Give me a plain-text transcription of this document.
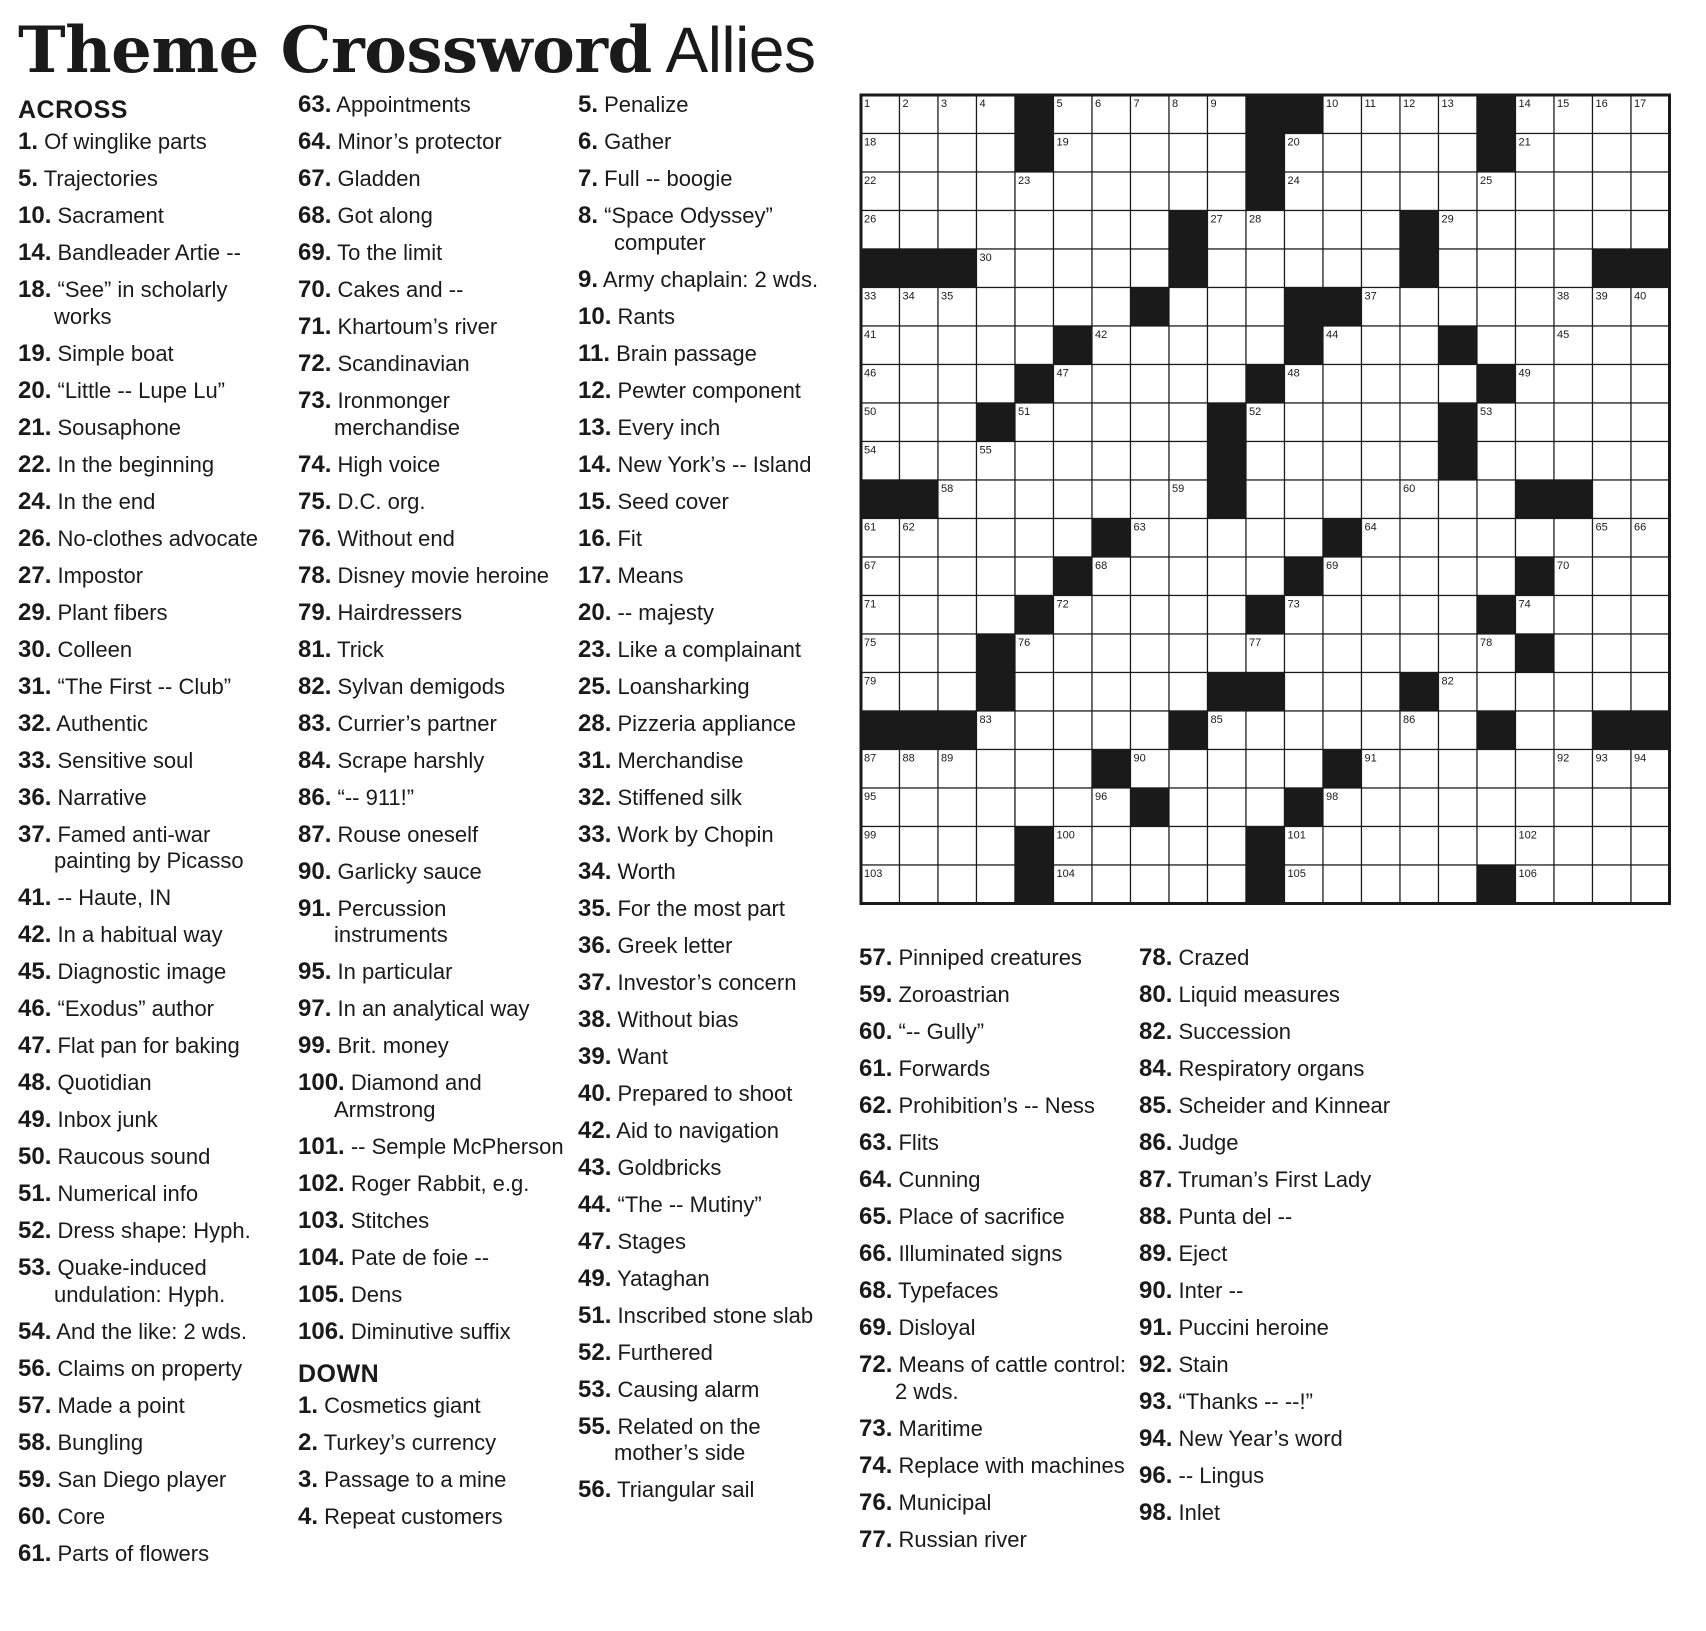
Theme Crossword Allies
ACROSS
1. Of winglike parts
5. Trajectories
10. Sacrament
14. Bandleader Artie --
18. “See” in scholarly works
19. Simple boat
20. “Little -- Lupe Lu”
21. Sousaphone
22. In the beginning
24. In the end
26. No-clothes advocate
27. Impostor
29. Plant fibers
30. Colleen
31. “The First -- Club”
32. Authentic
33. Sensitive soul
36. Narrative
37. Famed anti-war painting by Picasso
41. -- Haute, IN
42. In a habitual way
45. Diagnostic image
46. “Exodus” author
47. Flat pan for baking
48. Quotidian
49. Inbox junk
50. Raucous sound
51. Numerical info
52. Dress shape: Hyph.
53. Quake-induced undulation: Hyph.
54. And the like: 2 wds.
56. Claims on property
57. Made a point
58. Bungling
59. San Diego player
60. Core
61. Parts of flowers
63. Appointments
64. Minor’s protector
67. Gladden
68. Got along
69. To the limit
70. Cakes and --
71. Khartoum’s river
72. Scandinavian
73. Ironmonger merchandise
74. High voice
75. D.C. org.
76. Without end
78. Disney movie heroine
79. Hairdressers
81. Trick
82. Sylvan demigods
83. Currier’s partner
84. Scrape harshly
86. “-- 911!”
87. Rouse oneself
90. Garlicky sauce
91. Percussion instruments
95. In particular
97. In an analytical way
99. Brit. money
100. Diamond and Armstrong
101. -- Semple McPherson
102. Roger Rabbit, e.g.
103. Stitches
104. Pate de foie --
105. Dens
106. Diminutive suffix
DOWN
1. Cosmetics giant
2. Turkey’s currency
3. Passage to a mine
4. Repeat customers
5. Penalize
6. Gather
7. Full -- boogie
8. “Space Odyssey” computer
9. Army chaplain: 2 wds.
10. Rants
11. Brain passage
12. Pewter component
13. Every inch
14. New York’s -- Island
15. Seed cover
16. Fit
17. Means
20. -- majesty
23. Like a complainant
25. Loansharking
28. Pizzeria appliance
31. Merchandise
32. Stiffened silk
33. Work by Chopin
34. Worth
35. For the most part
36. Greek letter
37. Investor’s concern
38. Without bias
39. Want
40. Prepared to shoot
42. Aid to navigation
43. Goldbricks
44. “The -- Mutiny”
47. Stages
49. Yataghan
51. Inscribed stone slab
52. Furthered
53. Causing alarm
55. Related on the mother’s side
56. Triangular sail
57. Pinniped creatures
59. Zoroastrian
60. “-- Gully”
61. Forwards
62. Prohibition’s -- Ness
63. Flits
64. Cunning
65. Place of sacrifice
66. Illuminated signs
68. Typefaces
69. Disloyal
72. Means of cattle control: 2 wds.
73. Maritime
74. Replace with machines
76. Municipal
77. Russian river
78. Crazed
80. Liquid measures
82. Succession
84. Respiratory organs
85. Scheider and Kinnear
86. Judge
87. Truman’s First Lady
88. Punta del --
89. Eject
90. Inter --
91. Puccini heroine
92. Stain
93. “Thanks -- --!”
94. New Year’s word
96. -- Lingus
98. Inlet
1	2	3	4	5	6	7	8	9	10 11 12 13	14 15 16 17
18	19	20	21
22	23	24	25
26	27 28	29
30	31	32
33 34 35	36	37	38 39 40
41	42	43 44	45
46	47	48	49
50	51	52	53
54	55	56	57
58	59	60
61 62	63	64	65 66
67	68	69	70
71	72	73	74
75	76	77	78
79	80	81	82
83	84 85	86
87 88 89	90	91	92 93 94
95	96	97 98
99	100	101	102
103	104	105	106
